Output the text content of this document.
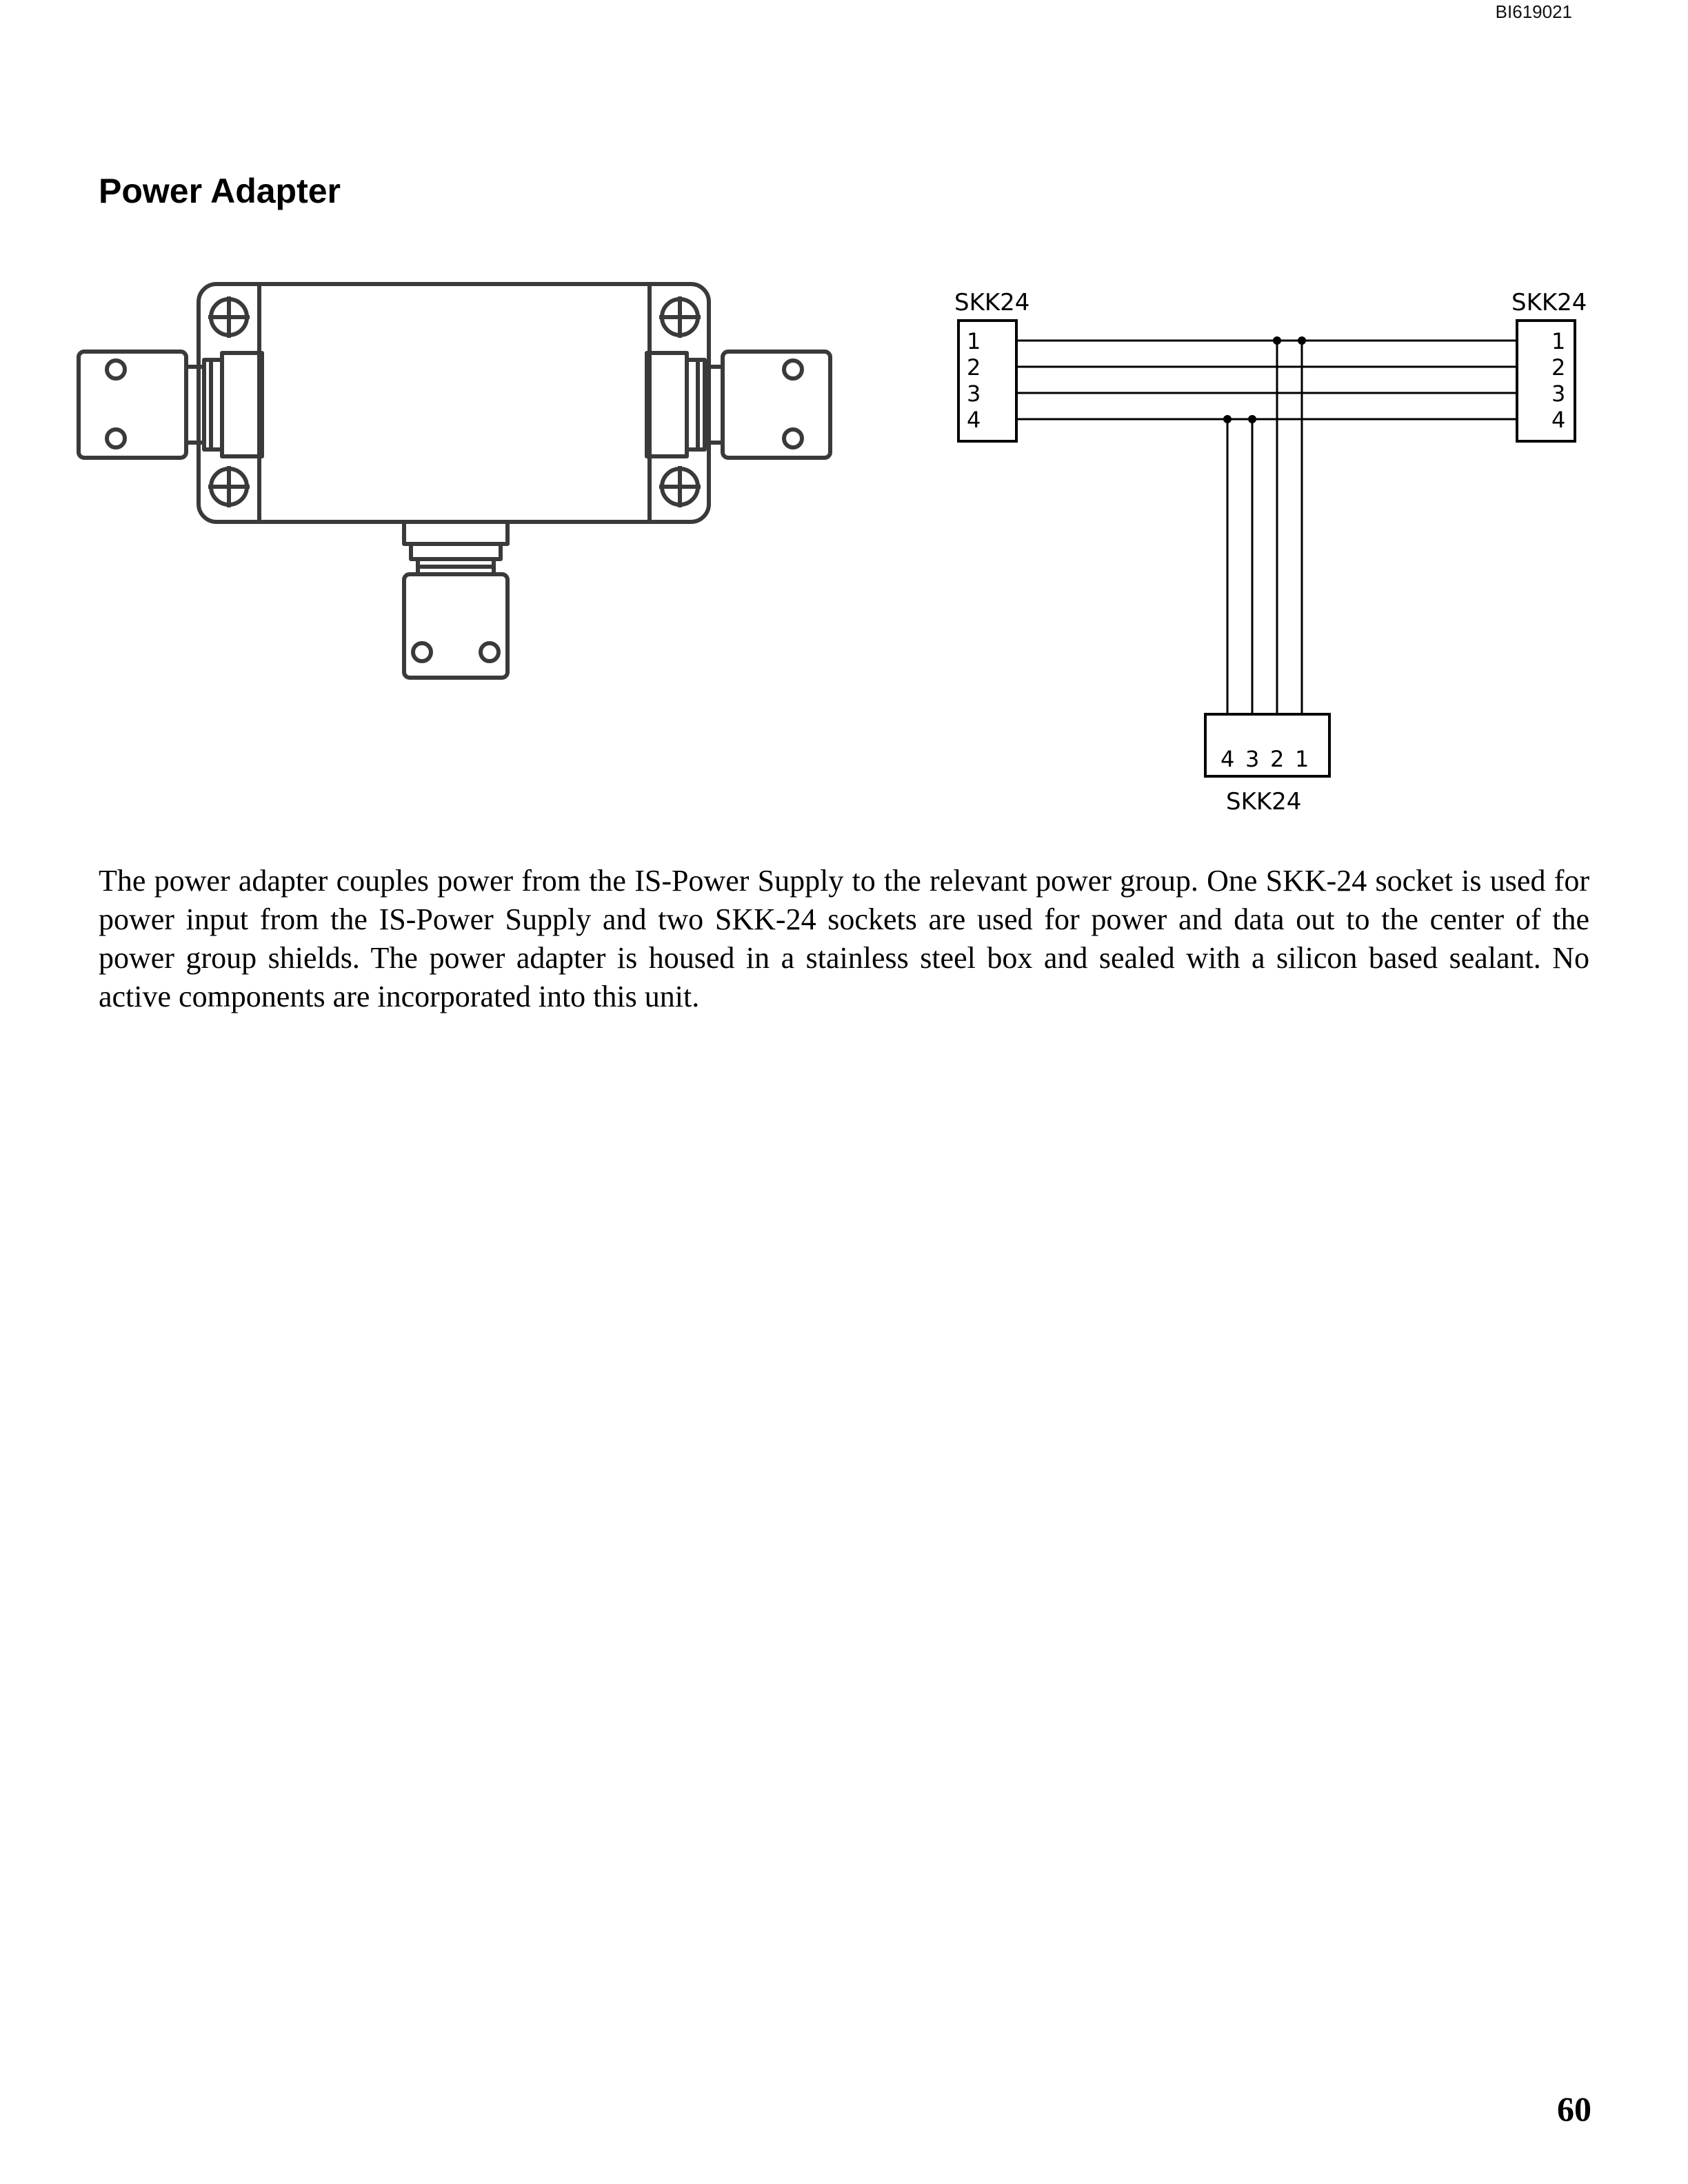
BI619021
Power Adapter
SKK24	SKK24
SKK24
1
2
3
4
1
2
3
4
4 3 2 1

The power adapter couples power from the IS-Power Supply to the relevant power group. One SKK-24 socket is used for power input from the IS-Power Supply and two SKK-24 sockets are used for power and data out to the center of the power group shields. The power adapter is housed in a stainless steel box and sealed with a silicon based sealant. No active components are incorporated into this unit.

60
